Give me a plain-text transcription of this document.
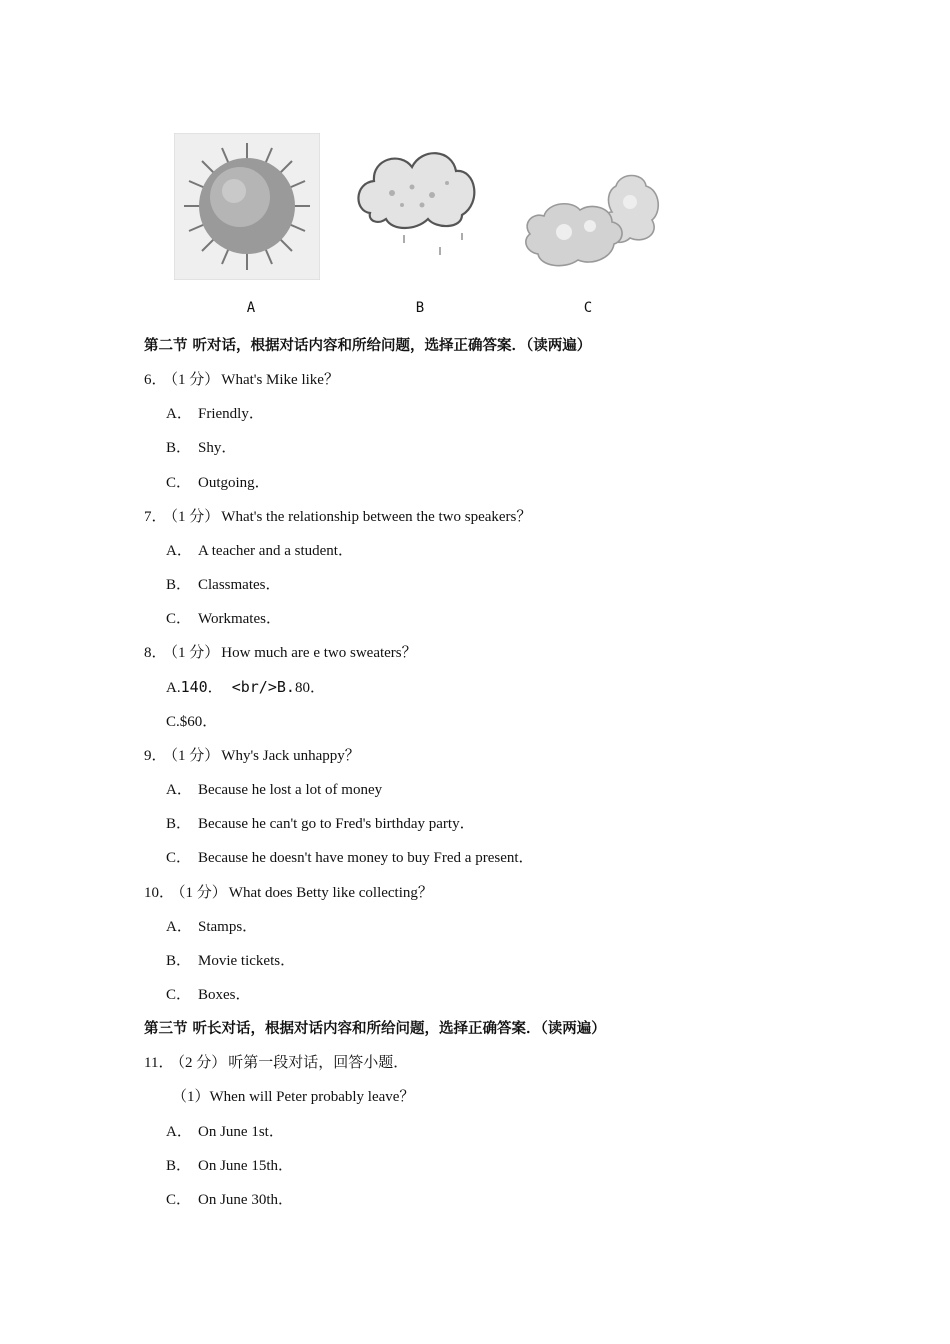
A	B	C
第二节 听对话，根据对话内容和所给问题，选择正确答案．（读两遍）
6． （1 分） What's Mike like？
A． Friendly．
B． Shy．
C． Outgoing．
7． （1 分） What's the relationship between the two speakers？
A． A teacher and a student．
B． Classmates．
C． Workmates．
8． （1 分） How much are e two sweaters？
A.140． <br/>B.80．
C.$60．
9． （1 分） Why's Jack unhappy？
A． Because he lost a lot of money
B． Because he can't go to Fred's birthday party．
C． Because he doesn't have money to buy Fred a present．
10． （1 分） What does Betty like collecting？
A． Stamps．
B． Movie tickets．
C． Boxes．
第三节 听长对话，根据对话内容和所给问题，选择正确答案．（读两遍）
11． （2 分） 听第一段对话，回答小题．
（1）When will Peter probably leave？
A． On June 1st．
B． On June 15th．
C． On June 30th．
